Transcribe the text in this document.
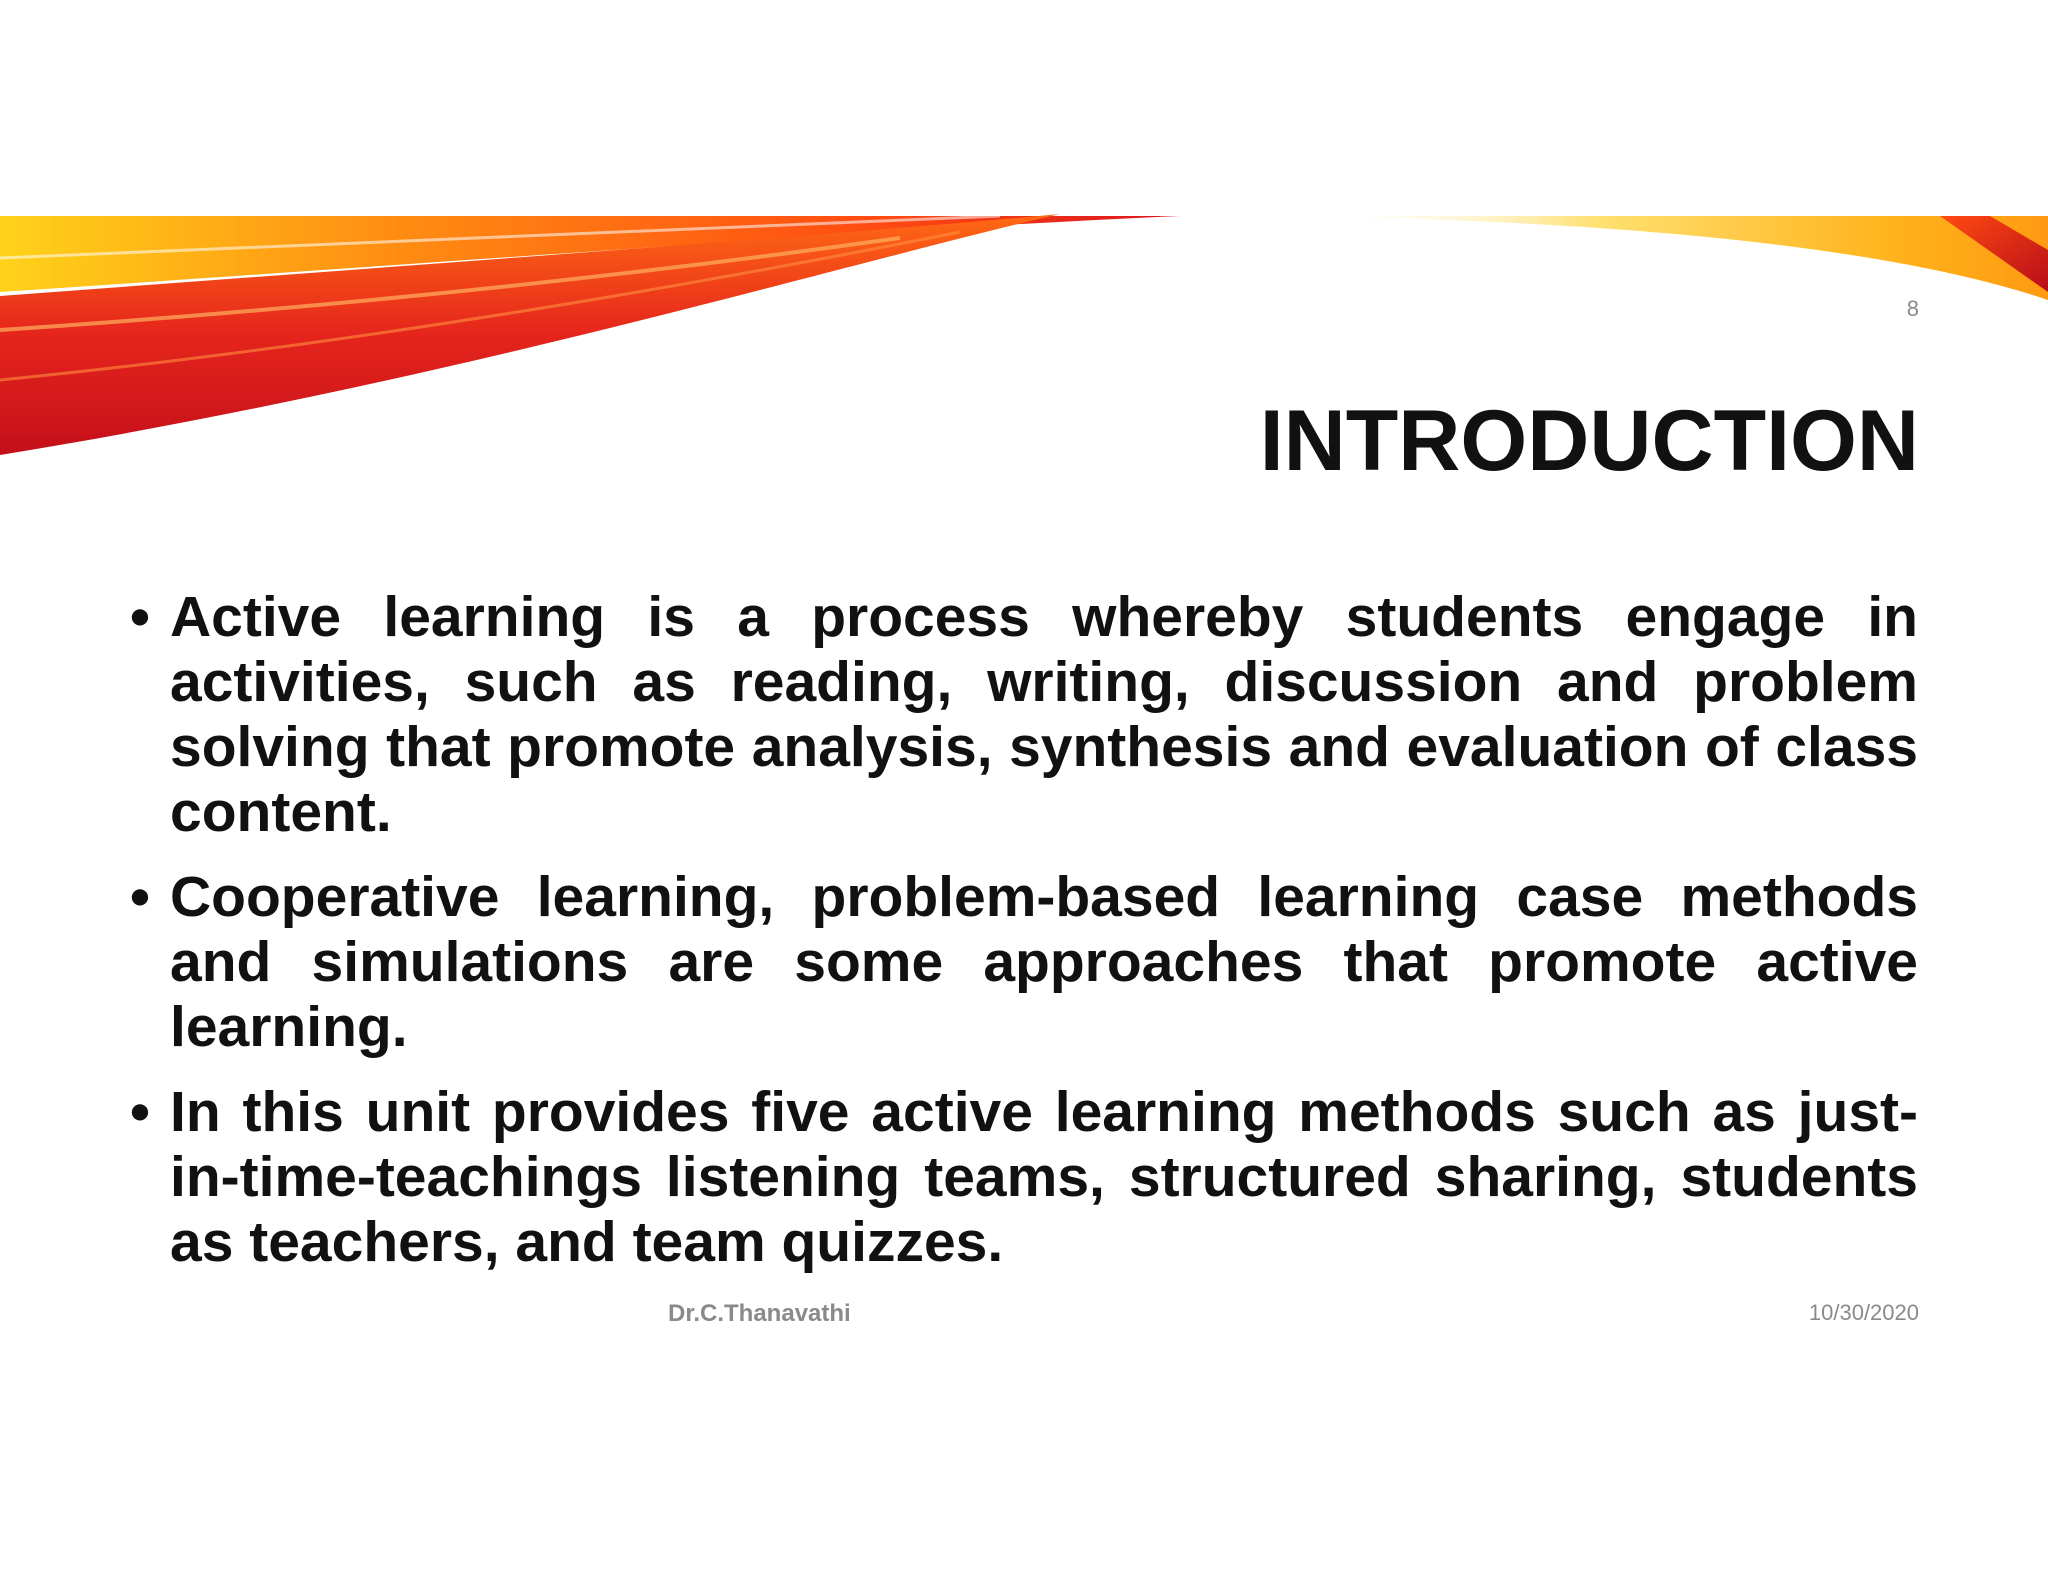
8
INTRODUCTION
• Active learning is a process whereby students engage in activities, such as reading, writing, discussion and problem solving that promote analysis, synthesis and evaluation of class content.
• Cooperative learning, problem-based learning case methods and simulations are some approaches that promote active learning.
• In this unit provides five active learning methods such as just-in-time-teachings listening teams, structured sharing, students as teachers, and team quizzes.
Dr.C.Thanavathi	10/30/2020
